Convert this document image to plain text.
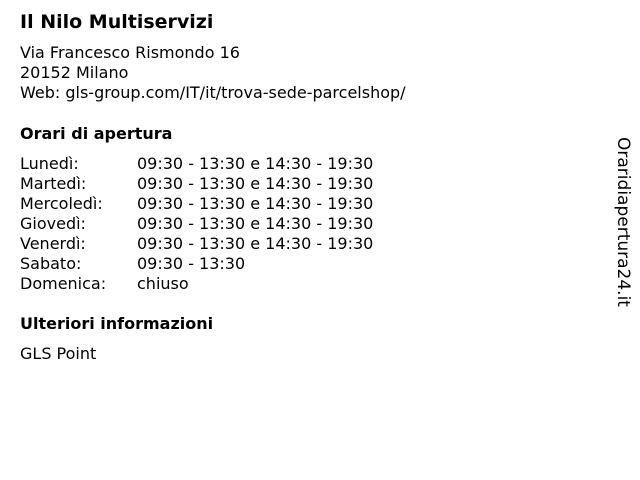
Il Nilo Multiservizi
Via Francesco Rismondo 16
20152 Milano
Web: gls-group.com/IT/it/trova-sede-parcelshop/
Orari di apertura
Lunedì:	09:30 - 13:30 e 14:30 - 19:30
Martedì:	09:30 - 13:30 e 14:30 - 19:30
Mercoledì:	09:30 - 13:30 e 14:30 - 19:30
Giovedì:	09:30 - 13:30 e 14:30 - 19:30
Venerdì:	09:30 - 13:30 e 14:30 - 19:30
Sabato:	09:30 - 13:30
Domenica:	chiuso
Ulteriori informazioni
GLS Point
Oraridiapertura24.it
